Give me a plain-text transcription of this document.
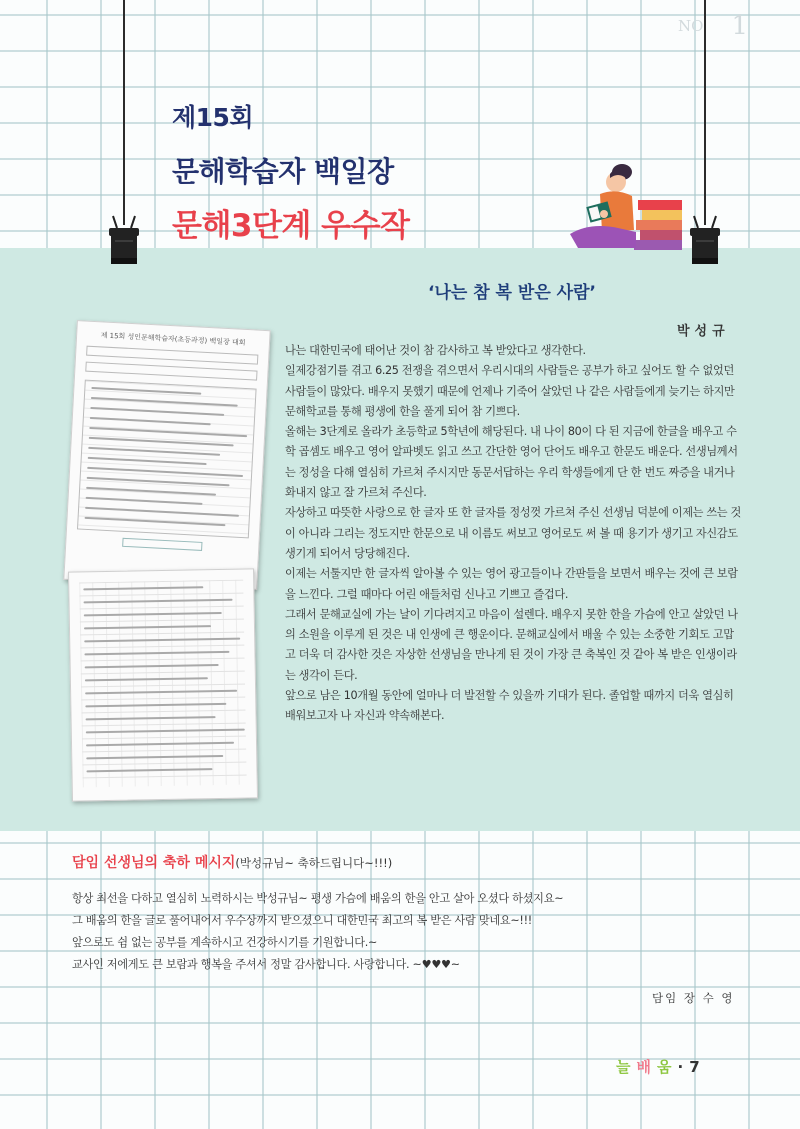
NO 1
제15회
문해학습자 백일장
문해3단계 우수작
‘나는 참 복 받은 사람’
박성규
제 15회 성인문해학습자(초등과정) 백일장 대회

나는 대한민국에 태어난 것이 참 감사하고 복 받았다고 생각한다.

일제강점기를 겪고 6.25 전쟁을 겪으면서 우리시대의 사람들은 공부가 하고 싶어도 할 수 없었던 사람들이 많았다. 배우지 못했기 때문에 언제나 기죽어 살았던 나 같은 사람들에게 늦기는 하지만 문해학교를 통해 평생에 한을 풀게 되어 참 기쁘다.

올해는 3단계로 올라가 초등학교 5학년에 해당된다. 내 나이 80이 다 된 지금에 한글을 배우고 수학 곱셈도 배우고 영어 알파벳도 읽고 쓰고 간단한 영어 단어도 배우고 한문도 배운다. 선생님께서는 정성을 다해 열심히 가르쳐 주시지만 동문서답하는 우리 학생들에게 단 한 번도 짜증을 내거나 화내지 않고 잘 가르쳐 주신다.

자상하고 따뜻한 사랑으로 한 글자 또 한 글자를 정성껏 가르쳐 주신 선생님 덕분에 이제는 쓰는 것이 아니라 그리는 정도지만 한문으로 내 이름도 써보고 영어로도 써 볼 때 용기가 생기고 자신감도 생기게 되어서 당당해진다.

이제는 서툴지만 한 글자씩 알아볼 수 있는 영어 광고들이나 간판들을 보면서 배우는 것에 큰 보람을 느낀다. 그럴 때마다 어린 애들처럼 신나고 기쁘고 즐겁다.

그래서 문해교실에 가는 날이 기다려지고 마음이 설렌다. 배우지 못한 한을 가슴에 안고 살았던 나의 소원을 이루게 된 것은 내 인생에 큰 행운이다. 문해교실에서 배울 수 있는 소중한 기회도 고맙고 더욱 더 감사한 것은 자상한 선생님을 만나게 된 것이 가장 큰 축복인 것 같아 복 받은 인생이라는 생각이 든다.

앞으로 남은 10개월 동안에 얼마나 더 발전할 수 있을까 기대가 된다. 졸업할 때까지 더욱 열심히 배워보고자 나 자신과 약속해본다.

담임 선생님의 축하 메시지(박성규님~ 축하드립니다~!!!)
항상 최선을 다하고 열심히 노력하시는 박성규님~ 평생 가슴에 배움의 한을 안고 살아 오셨다 하셨지요~
그 배움의 한을 글로 풀어내어서 우수상까지 받으셨으니 대한민국 최고의 복 받은 사람 맞네요~!!!
앞으로도 쉼 없는 공부를 계속하시고 건강하시기를 기원합니다.~
교사인 저에게도 큰 보람과 행복을 주셔서 정말 감사합니다. 사랑합니다. ~♥♥♥~
담임 장 수 영
늘 배 움 · 7
